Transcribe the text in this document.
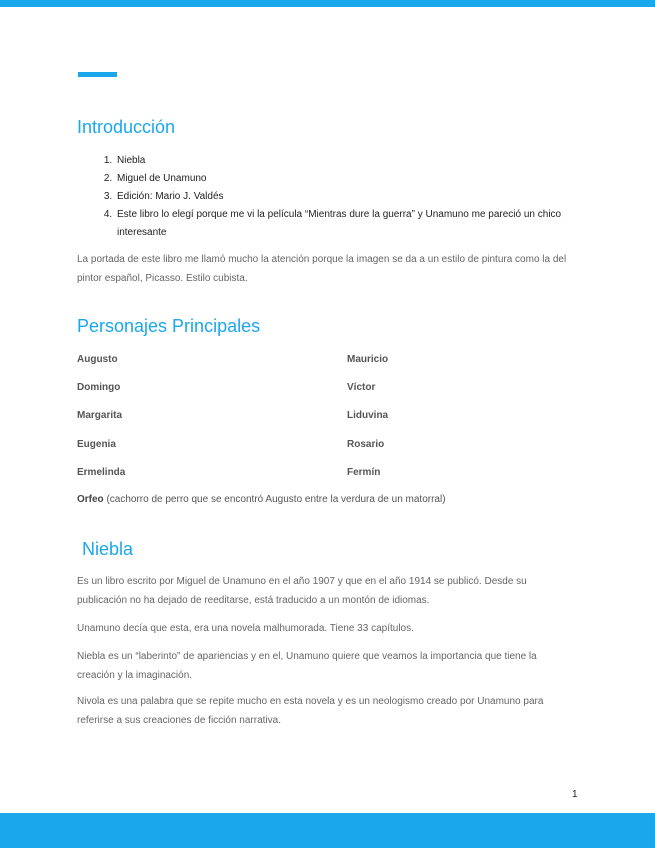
Introducción
1. Niebla
2. Miguel de Unamuno
3. Edición: Mario J. Valdés
4. Este libro lo elegí porque me vi la película “Mientras dure la guerra” y Unamuno me pareció un chico interesante

La portada de este libro me llamó mucho la atención porque la imagen se da a un estilo de pintura como la del pintor español, Picasso. Estilo cubista.

Personajes Principales

Augusto

Domingo

Margarita

Eugenia

Ermelinda

Mauricio

Víctor

Liduvina

Rosario

Fermín

Orfeo (cachorro de perro que se encontró Augusto entre la verdura de un matorral)

Niebla

Es un libro escrito por Miguel de Unamuno en el año 1907 y que en el año 1914 se publicó. Desde su publicación no ha dejado de reeditarse, está traducido a un montón de idiomas.

Unamuno decía que esta, era una novela malhumorada. Tiene 33 capítulos.

Niebla es un “laberinto” de apariencias y en el, Unamuno quiere que veamos la importancia que tiene la creación y la imaginación.

Nivola es una palabra que se repite mucho en esta novela y es un neologismo creado por Unamuno para referirse a sus creaciones de ficción narrativa.

1
